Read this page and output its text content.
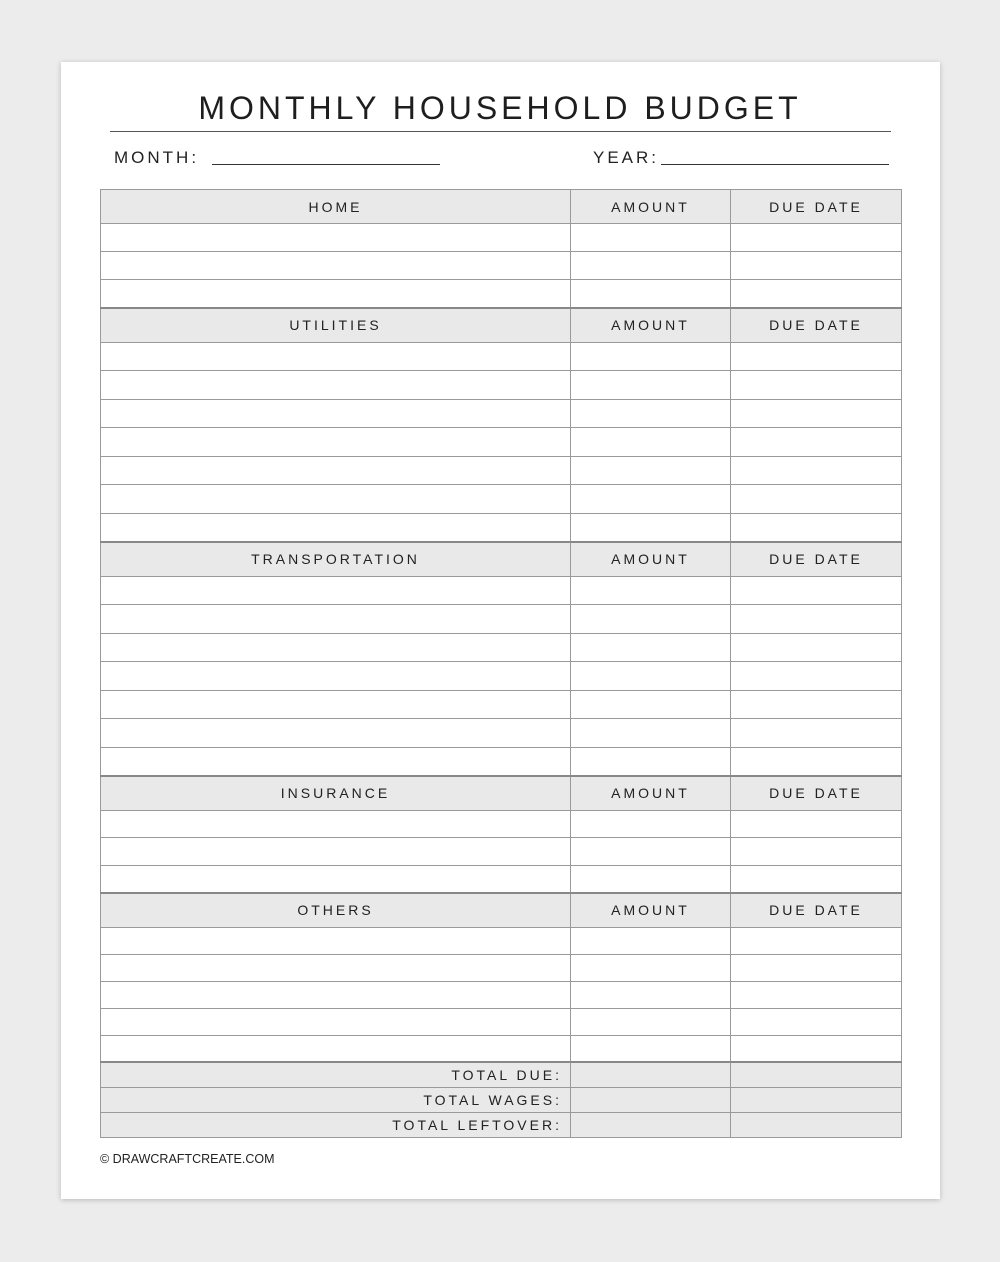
MONTHLY HOUSEHOLD BUDGET
MONTH:	YEAR:
HOME	AMOUNT	DUE DATE

UTILITIES	AMOUNT	DUE DATE

TRANSPORTATION	AMOUNT	DUE DATE

INSURANCE	AMOUNT	DUE DATE

OTHERS	AMOUNT	DUE DATE

TOTAL DUE:		
TOTAL WAGES:		
TOTAL LEFTOVER:		
© DRAWCRAFTCREATE.COM
